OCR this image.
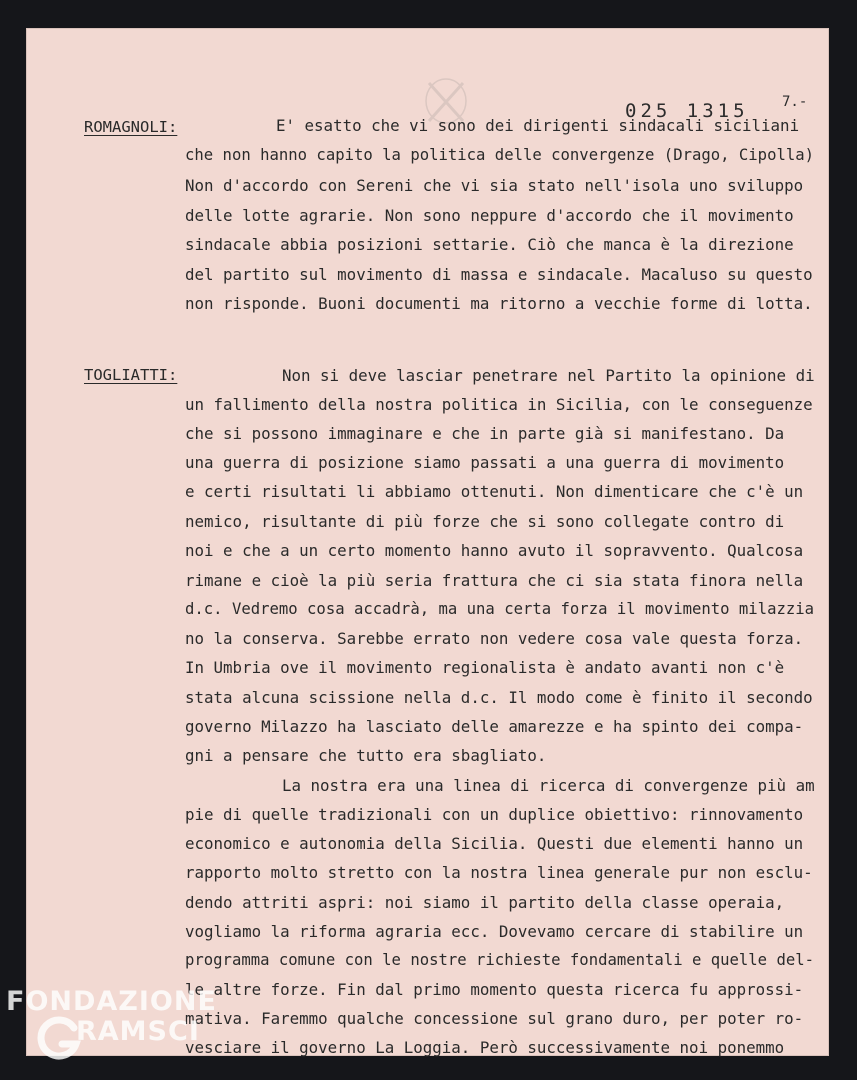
025 1315 7.-
ROMAGNOLI:	E' esatto che vi sono dei dirigenti sindacali siciliani
che non hanno capito la politica delle convergenze (Drago, Cipolla)
Non d'accordo con Sereni che vi sia stato nell'isola uno sviluppo
delle lotte agrarie. Non sono neppure d'accordo che il movimento
sindacale abbia posizioni settarie. Ciò che manca è la direzione
del partito sul movimento di massa e sindacale. Macaluso su questo
non risponde. Buoni documenti ma ritorno a vecchie forme di lotta.
TOGLIATTI:	Non si deve lasciar penetrare nel Partito la opinione di
un fallimento della nostra politica in Sicilia, con le conseguenze
che si possono immaginare e che in parte già si manifestano. Da
una guerra di posizione siamo passati a una guerra di movimento
e certi risultati li abbiamo ottenuti. Non dimenticare che c'è un
nemico, risultante di più forze che si sono collegate contro di
noi e che a un certo momento hanno avuto il sopravvento. Qualcosa
rimane e cioè la più seria frattura che ci sia stata finora nella
d.c. Vedremo cosa accadrà, ma una certa forza il movimento milazzia
no la conserva. Sarebbe errato non vedere cosa vale questa forza.
In Umbria ove il movimento regionalista è andato avanti non c'è
stata alcuna scissione nella d.c. Il modo come è finito il secondo
governo Milazzo ha lasciato delle amarezze e ha spinto dei compa-
gni a pensare che tutto era sbagliato.
La nostra era una linea di ricerca di convergenze più am
pie di quelle tradizionali con un duplice obiettivo: rinnovamento
economico e autonomia della Sicilia. Questi due elementi hanno un
rapporto molto stretto con la nostra linea generale pur non esclu-
dendo attriti aspri: noi siamo il partito della classe operaia,
vogliamo la riforma agraria ecc. Dovevamo cercare di stabilire un
programma comune con le nostre richieste fondamentali e quelle del-
le altre forze. Fin dal primo momento questa ricerca fu approssi-
mativa. Faremmo qualche concessione sul grano duro, per poter ro-
vesciare il governo La Loggia. Però successivamente noi ponemmo
FONDAZIONE
RAMSCI
